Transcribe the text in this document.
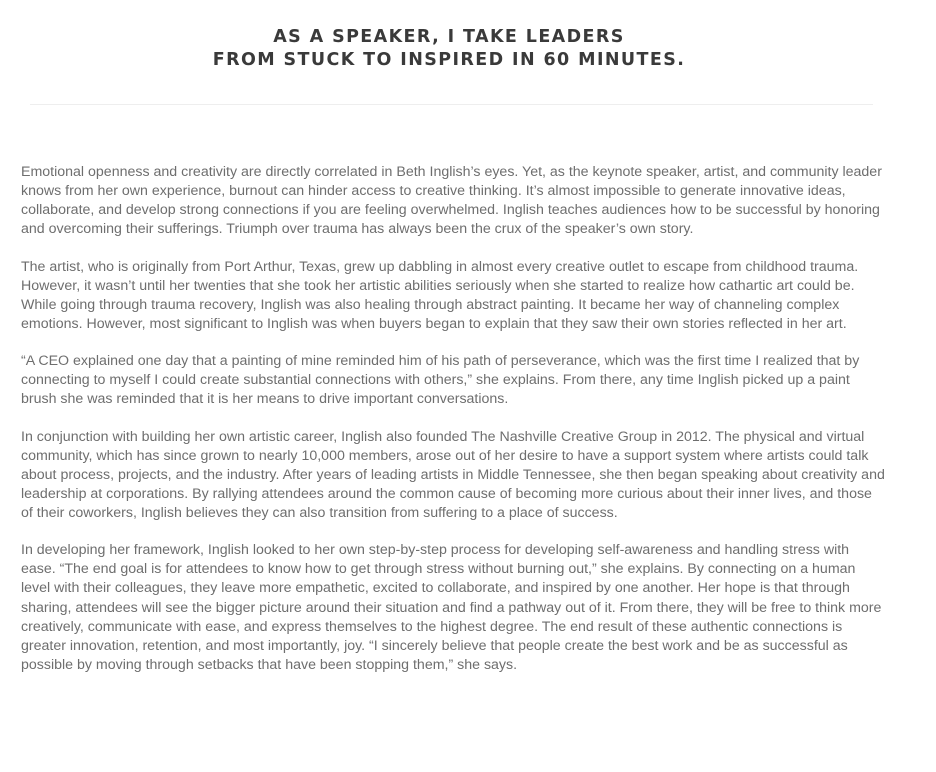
AS A SPEAKER, I TAKE LEADERS
FROM STUCK TO INSPIRED IN 60 MINUTES.

Emotional openness and creativity are directly correlated in Beth Inglish’s eyes. Yet, as the keynote speaker, artist, and community leader knows from her own experience, burnout can hinder access to creative thinking. It’s almost impossible to generate innovative ideas, collaborate, and develop strong connections if you are feeling overwhelmed. Inglish teaches audiences how to be successful by honoring and overcoming their sufferings. Triumph over trauma has always been the crux of the speaker’s own story.

The artist, who is originally from Port Arthur, Texas, grew up dabbling in almost every creative outlet to escape from childhood trauma. However, it wasn’t until her twenties that she took her artistic abilities seriously when she started to realize how cathartic art could be. While going through trauma recovery, Inglish was also healing through abstract painting. It became her way of channeling complex emotions. However, most significant to Inglish was when buyers began to explain that they saw their own stories reflected in her art.

“A CEO explained one day that a painting of mine reminded him of his path of perseverance, which was the first time I realized that by connecting to myself I could create substantial connections with others,” she explains. From there, any time Inglish picked up a paint brush she was reminded that it is her means to drive important conversations.

In conjunction with building her own artistic career, Inglish also founded The Nashville Creative Group in 2012. The physical and virtual community, which has since grown to nearly 10,000 members, arose out of her desire to have a support system where artists could talk about process, projects, and the industry. After years of leading artists in Middle Tennessee, she then began speaking about creativity and leadership at corporations. By rallying attendees around the common cause of becoming more curious about their inner lives, and those of their coworkers, Inglish believes they can also transition from suffering to a place of success.

In developing her framework, Inglish looked to her own step-by-step process for developing self-awareness and handling stress with ease. “The end goal is for attendees to know how to get through stress without burning out,” she explains. By connecting on a human level with their colleagues, they leave more empathetic, excited to collaborate, and inspired by one another. Her hope is that through sharing, attendees will see the bigger picture around their situation and find a pathway out of it. From there, they will be free to think more creatively, communicate with ease, and express themselves to the highest degree. The end result of these authentic connections is greater innovation, retention, and most importantly, joy. “I sincerely believe that people create the best work and be as successful as possible by moving through setbacks that have been stopping them,” she says.
